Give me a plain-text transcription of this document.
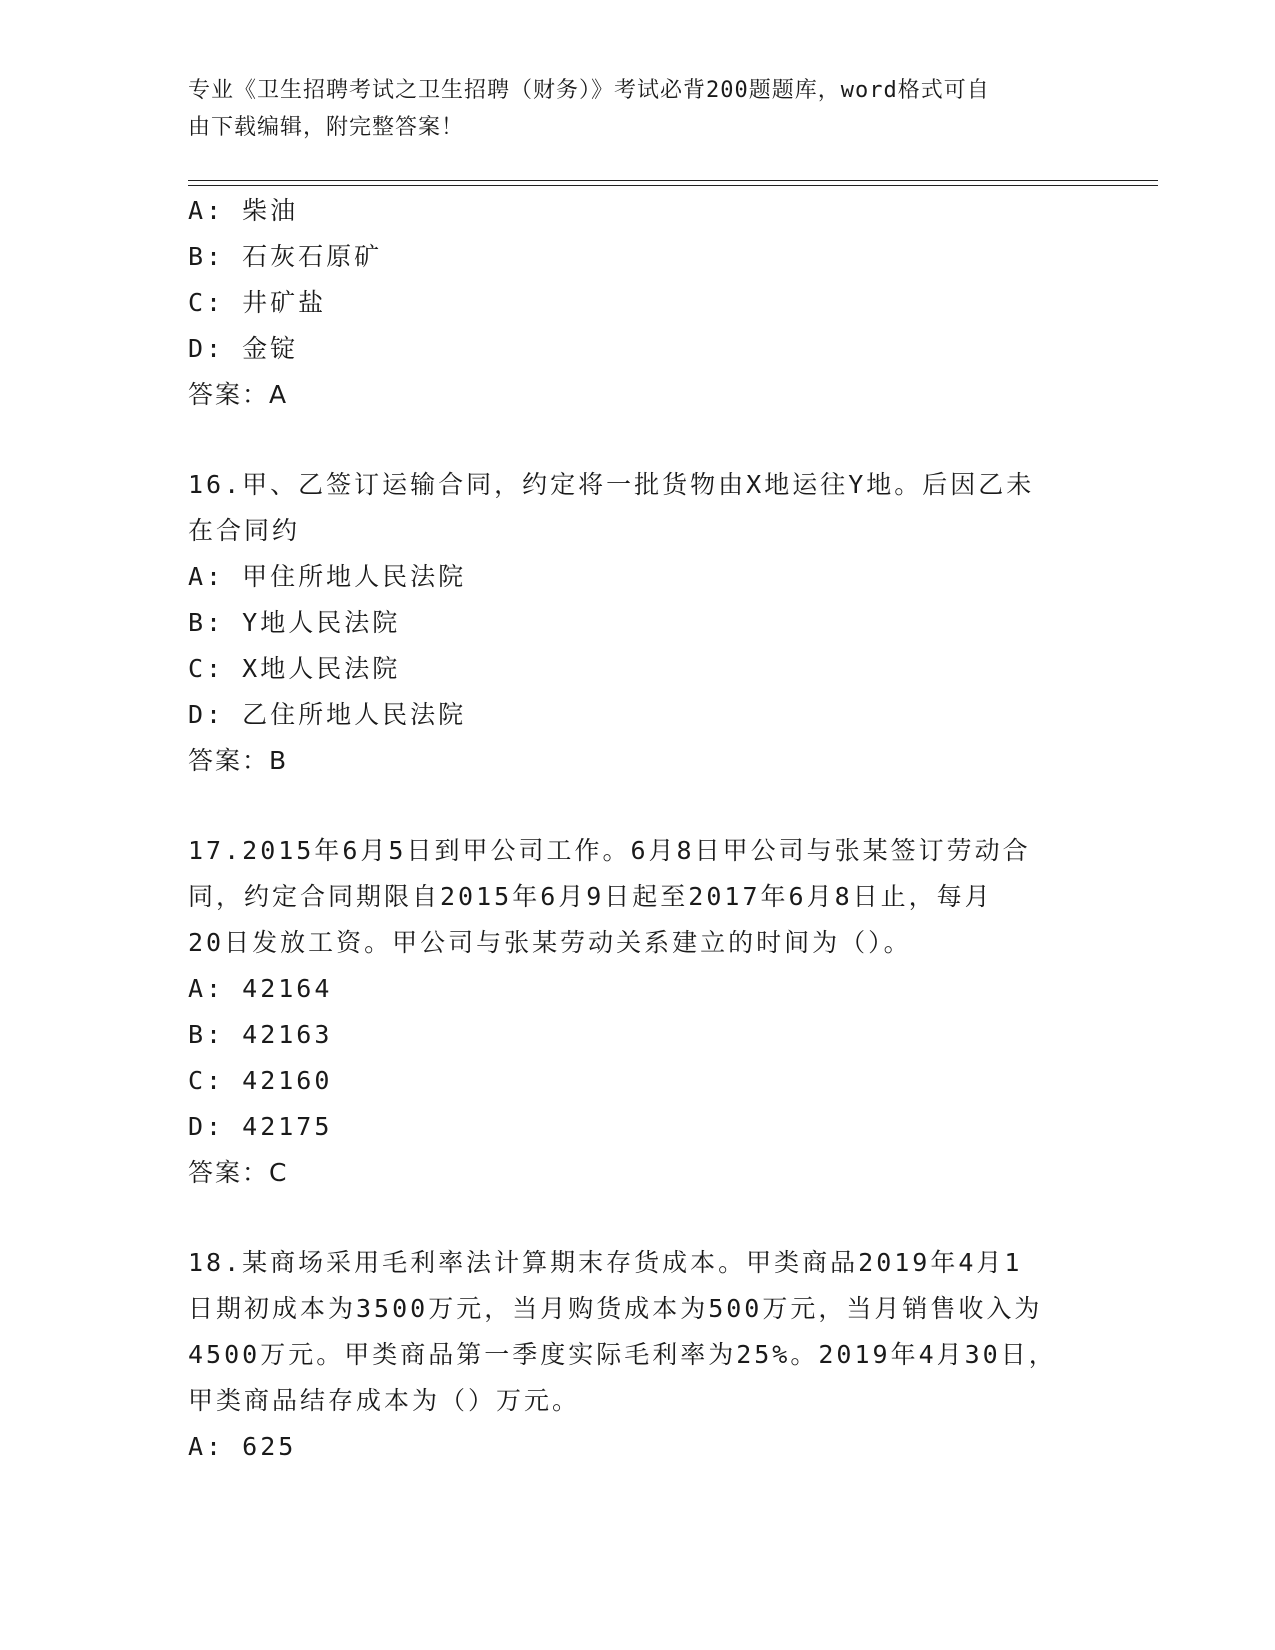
专业《卫生招聘考试之卫生招聘（财务）》考试必背200题题库，word格式可自
由下载编辑，附完整答案！
A: 柴油
B: 石灰石原矿
C: 井矿盐
D: 金锭
答案：A
16.甲、乙签订运输合同，约定将一批货物由X地运往Y地。后因乙未
在合同约
A: 甲住所地人民法院
B: Y地人民法院
C: X地人民法院
D: 乙住所地人民法院
答案：B
17.2015年6月5日到甲公司工作。6月8日甲公司与张某签订劳动合
同，约定合同期限自2015年6月9日起至2017年6月8日止，每月
20日发放工资。甲公司与张某劳动关系建立的时间为（）。
A: 42164
B: 42163
C: 42160
D: 42175
答案：C
18.某商场采用毛利率法计算期末存货成本。甲类商品2019年4月1
日期初成本为3500万元，当月购货成本为500万元，当月销售收入为
4500万元。甲类商品第一季度实际毛利率为25%。2019年4月30日，
甲类商品结存成本为（）万元。
A: 625
